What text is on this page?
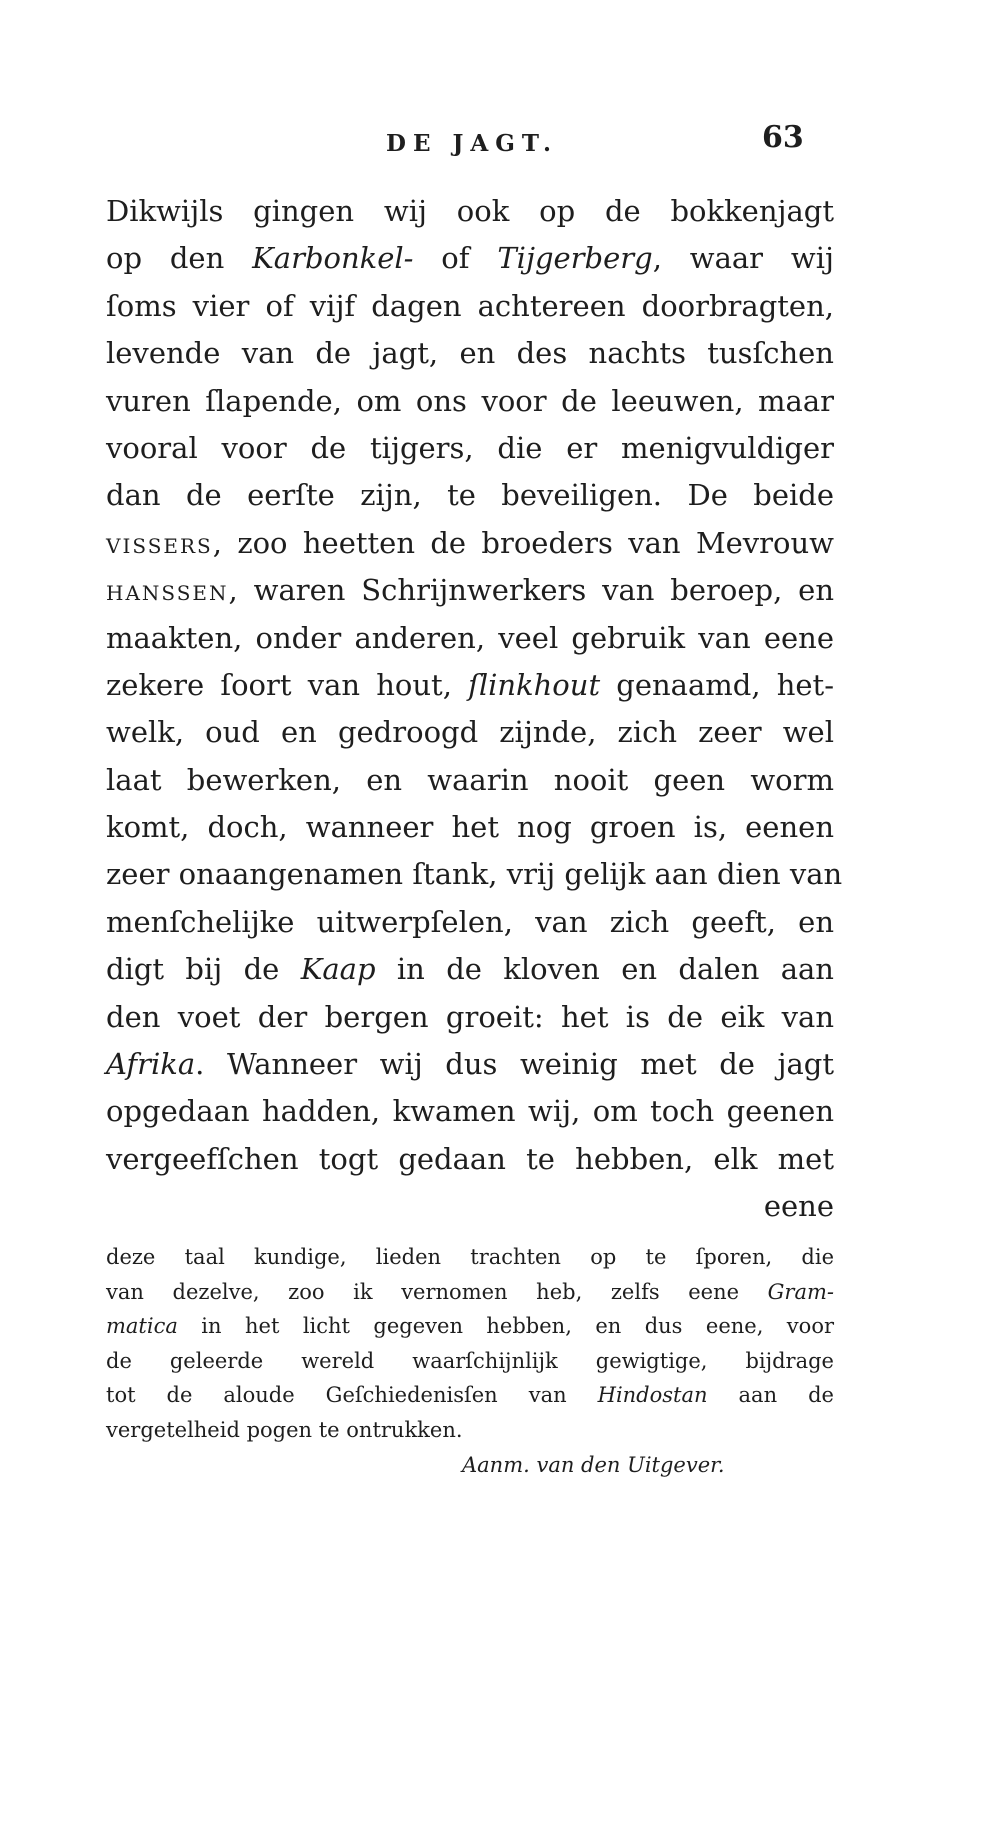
DE JAGT.	63
Dikwijls gingen wij ook op de bokkenjagt
op den Karbonkel- of Tijgerberg, waar wij
ſoms vier of vijf dagen achtereen doorbragten,
levende van de jagt, en des nachts tusſchen
vuren ſlapende, om ons voor de leeuwen, maar
vooral voor de tijgers, die er menigvuldiger
dan de eerſte zijn, te beveiligen. De beide
VISSERS, zoo heetten de broeders van Mevrouw
HANSSEN, waren Schrijnwerkers van beroep, en
maakten, onder anderen, veel gebruik van eene
zekere ſoort van hout, ſlinkhout genaamd, het-
welk, oud en gedroogd zijnde, zich zeer wel
laat bewerken, en waarin nooit geen worm
komt, doch, wanneer het nog groen is, eenen
zeer onaangenamen ſtank, vrij gelijk aan dien van
menſchelijke uitwerpſelen, van zich geeft, en
digt bij de Kaap in de kloven en dalen aan
den voet der bergen groeit: het is de eik van
Afrika. Wanneer wij dus weinig met de jagt
opgedaan hadden, kwamen wij, om toch geenen
vergeefſchen togt gedaan te hebben, elk met
eene
deze taal kundige, lieden trachten op te ſporen, die
van dezelve, zoo ik vernomen heb, zelfs eene Gram-
matica in het licht gegeven hebben, en dus eene, voor
de geleerde wereld waarſchijnlijk gewigtige, bijdrage
tot de aloude Geſchiedenisſen van Hindostan aan de
vergetelheid pogen te ontrukken.
Aanm. van den Uitgever.
